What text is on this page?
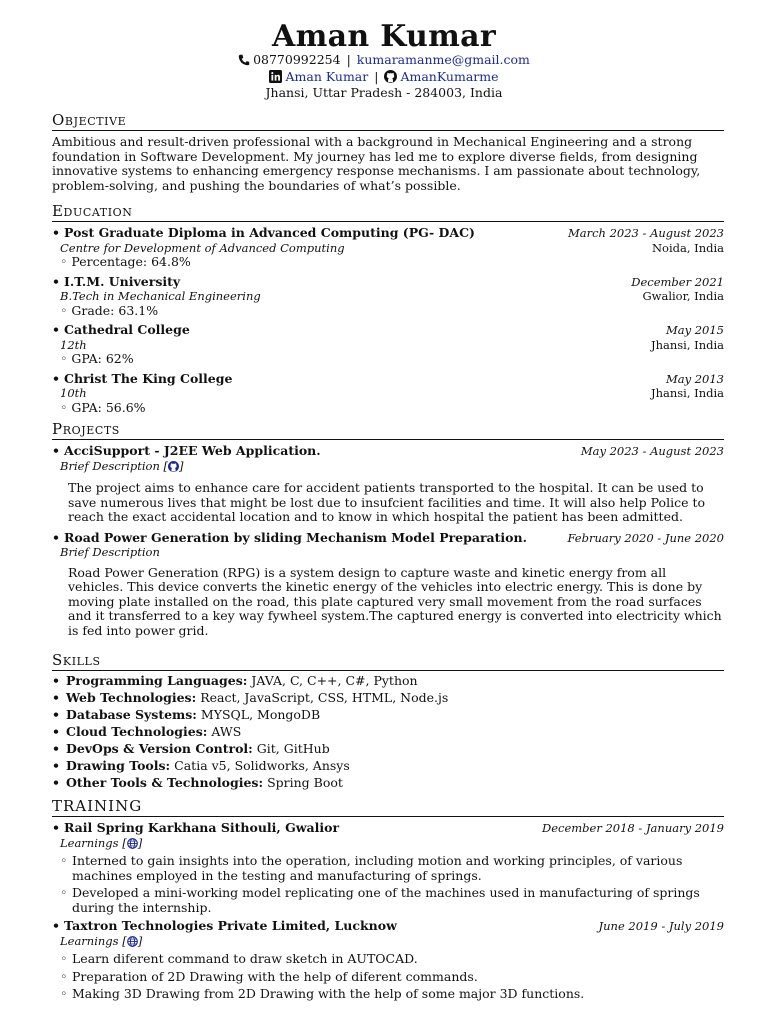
Aman Kumar
08770992254 | kumaramanme@gmail.com
Aman Kumar | AmanKumarme
Jhansi, Uttar Pradesh - 284003, India
Objective
Ambitious and result-driven professional with a background in Mechanical Engineering and a strong foundation in Software Development. My journey has led me to explore diverse fields, from designing innovative systems to enhancing emergency response mechanisms. I am passionate about technology, problem-solving, and pushing the boundaries of what’s possible.
Education
• Post Graduate Diploma in Advanced Computing (PG- DAC)	March 2023 - August 2023
Centre for Development of Advanced Computing	Noida, India
◦ Percentage: 64.8%
• I.T.M. University	December 2021
B.Tech in Mechanical Engineering	Gwalior, India
◦ Grade: 63.1%
• Cathedral College	May 2015
12th	Jhansi, India
◦ GPA: 62%
• Christ The King College	May 2013
10th	Jhansi, India
◦ GPA: 56.6%
Projects
• AcciSupport - J2EE Web Application.	May 2023 - August 2023
Brief Description [ ]
The project aims to enhance care for accident patients transported to the hospital. It can be used to save numerous lives that might be lost due to insufcient facilities and time. It will also help Police to reach the exact accidental location and to know in which hospital the patient has been admitted.
• Road Power Generation by sliding Mechanism Model Preparation.	February 2020 - June 2020
Brief Description
Road Power Generation (RPG) is a system design to capture waste and kinetic energy from all vehicles. This device converts the kinetic energy of the vehicles into electric energy. This is done by moving plate installed on the road, this plate captured very small movement from the road surfaces and it transferred to a key way fywheel system.The captured energy is converted into electricity which is fed into power grid.
Skills
• Programming Languages: JAVA, C, C++, C#, Python
• Web Technologies: React, JavaScript, CSS, HTML, Node.js
• Database Systems: MYSQL, MongoDB
• Cloud Technologies: AWS
• DevOps & Version Control: Git, GitHub
• Drawing Tools: Catia v5, Solidworks, Ansys
• Other Tools & Technologies: Spring Boot
TRAINING
• Rail Spring Karkhana Sithouli, Gwalior	December 2018 - January 2019
Learnings [ ]
◦ Interned to gain insights into the operation, including motion and working principles, of various machines employed in the testing and manufacturing of springs.
◦ Developed a mini-working model replicating one of the machines used in manufacturing of springs during the internship.
• Taxtron Technologies Private Limited, Lucknow	June 2019 - July 2019
Learnings [ ]
◦ Learn diferent command to draw sketch in AUTOCAD.
◦ Preparation of 2D Drawing with the help of diferent commands.
◦ Making 3D Drawing from 2D Drawing with the help of some major 3D functions.
